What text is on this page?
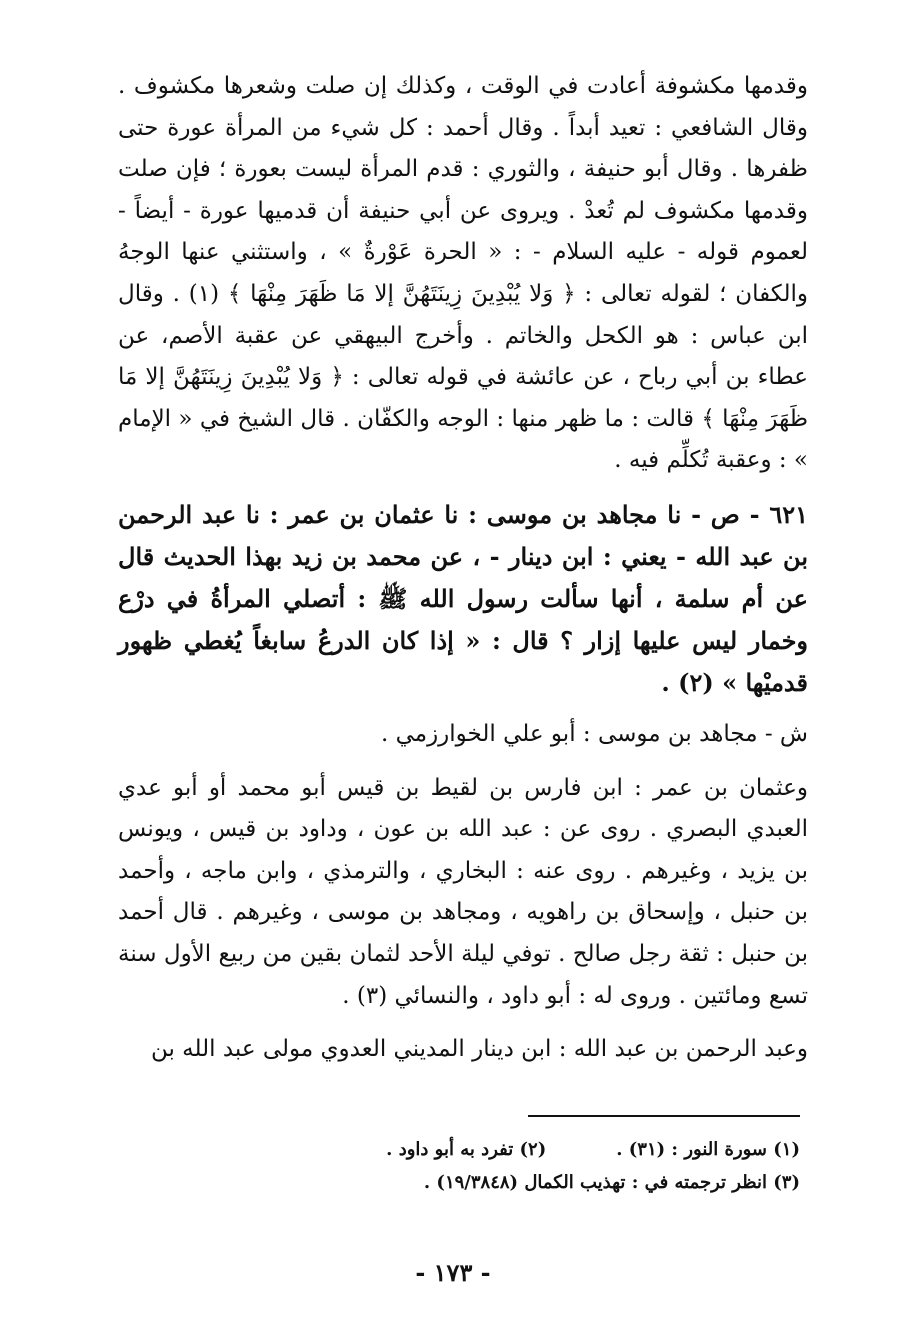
وقدمها مكشوفة أعادت في الوقت ، وكذلك إن صلت وشعرها مكشوف . وقال الشافعي : تعيد أبداً . وقال أحمد : كل شيء من المرأة عورة حتى ظفرها . وقال أبو حنيفة ، والثوري : قدم المرأة ليست بعورة ؛ فإن صلت وقدمها مكشوف لم تُعدْ . ويروى عن أبي حنيفة أن قدميها عورة - أيضاً - لعموم قوله - عليه السلام - : « الحرة عَوْرةٌ » ، واستثني عنها الوجهُ والكفان ؛ لقوله تعالى : ﴿ وَلا يُبْدِينَ زِينَتَهُنَّ إلا مَا ظَهَرَ مِنْهَا ﴾ (١) . وقال ابن عباس : هو الكحل والخاتم . وأخرج البيهقي عن عقبة الأصم، عن عطاء بن أبي رباح ، عن عائشة في قوله تعالى : ﴿ وَلا يُبْدِينَ زِينَتَهُنَّ إلا مَا ظَهَرَ مِنْهَا ﴾ قالت : ما ظهر منها : الوجه والكفّان . قال الشيخ في « الإمام » : وعقبة تُكلِّم فيه .

٦٢١ - ص - نا مجاهد بن موسى : نا عثمان بن عمر : نا عبد الرحمن بن عبد الله - يعني : ابن دينار - ، عن محمد بن زيد بهذا الحديث قال عن أم سلمة ، أنها سألت رسول الله ﷺ : أتصلي المرأةُ في درْع وخمار ليس عليها إزار ؟ قال : « إذا كان الدرعُ سابغاً يُغطي ظهور قدميْها » (٢) .

ش - مجاهد بن موسى : أبو علي الخوارزمي .

وعثمان بن عمر : ابن فارس بن لقيط بن قيس أبو محمد أو أبو عدي العبدي البصري . روى عن : عبد الله بن عون ، وداود بن قيس ، ويونس بن يزيد ، وغيرهم . روى عنه : البخاري ، والترمذي ، وابن ماجه ، وأحمد بن حنبل ، وإسحاق بن راهويه ، ومجاهد بن موسى ، وغيرهم . قال أحمد بن حنبل : ثقة رجل صالح . توفي ليلة الأحد لثمان بقين من ربيع الأول سنة تسع ومائتين . وروى له : أبو داود ، والنسائي (٣) .

وعبد الرحمن بن عبد الله : ابن دينار المديني العدوي مولى عبد الله بن

(١) سورة النور : (٣١) .(٢) تفرد به أبو داود .
(٣) انظر ترجمته في : تهذيب الكمال (١٩/٣٨٤٨) .
- ١٧٣ -
